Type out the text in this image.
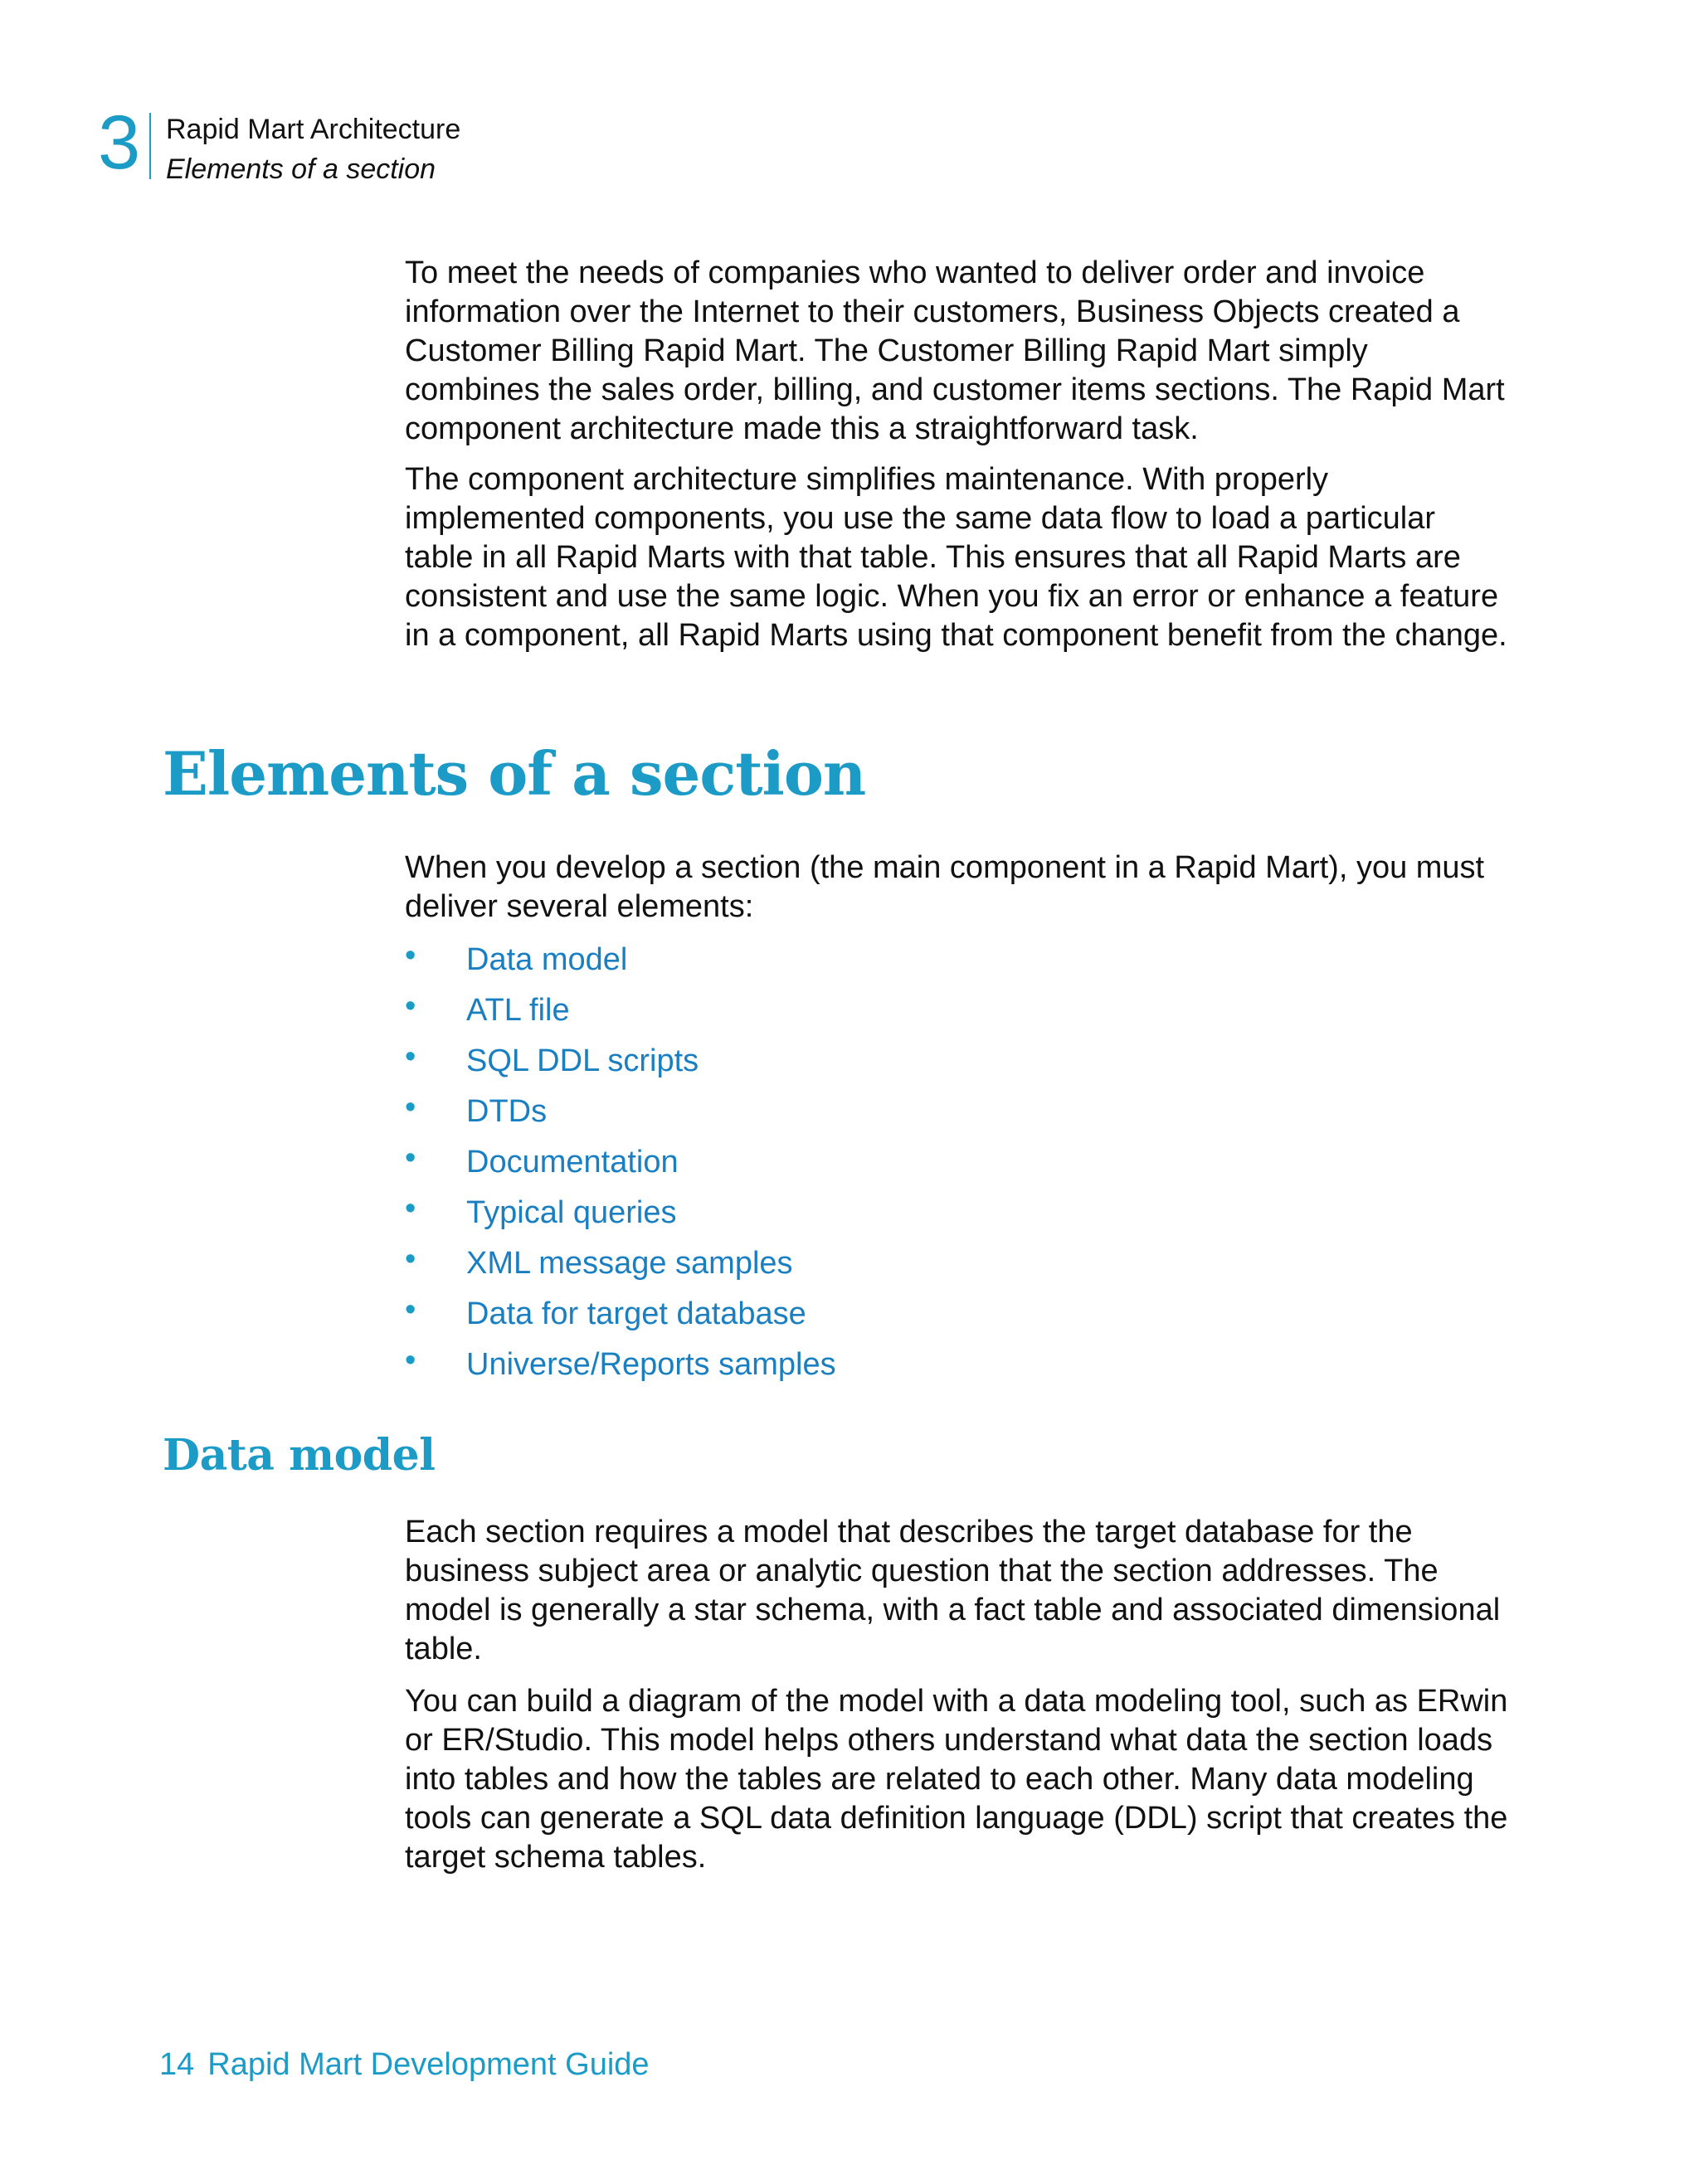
3 Rapid Mart Architecture
Elements of a section

To meet the needs of companies who wanted to deliver order and invoice information over the Internet to their customers, Business Objects created a Customer Billing Rapid Mart. The Customer Billing Rapid Mart simply combines the sales order, billing, and customer items sections. The Rapid Mart component architecture made this a straightforward task.

The component architecture simplifies maintenance. With properly implemented components, you use the same data flow to load a particular table in all Rapid Marts with that table. This ensures that all Rapid Marts are consistent and use the same logic. When you fix an error or enhance a feature in a component, all Rapid Marts using that component benefit from the change.

Elements of a section

When you develop a section (the main component in a Rapid Mart), you must deliver several elements:

• Data model
• ATL file
• SQL DDL scripts
• DTDs
• Documentation
• Typical queries
• XML message samples
• Data for target database
• Universe/Reports samples
Data model

Each section requires a model that describes the target database for the business subject area or analytic question that the section addresses. The model is generally a star schema, with a fact table and associated dimensional table.

You can build a diagram of the model with a data modeling tool, such as ERwin or ER/Studio. This model helps others understand what data the section loads into tables and how the tables are related to each other. Many data modeling tools can generate a SQL data definition language (DDL) script that creates the target schema tables.

14 Rapid Mart Development Guide
